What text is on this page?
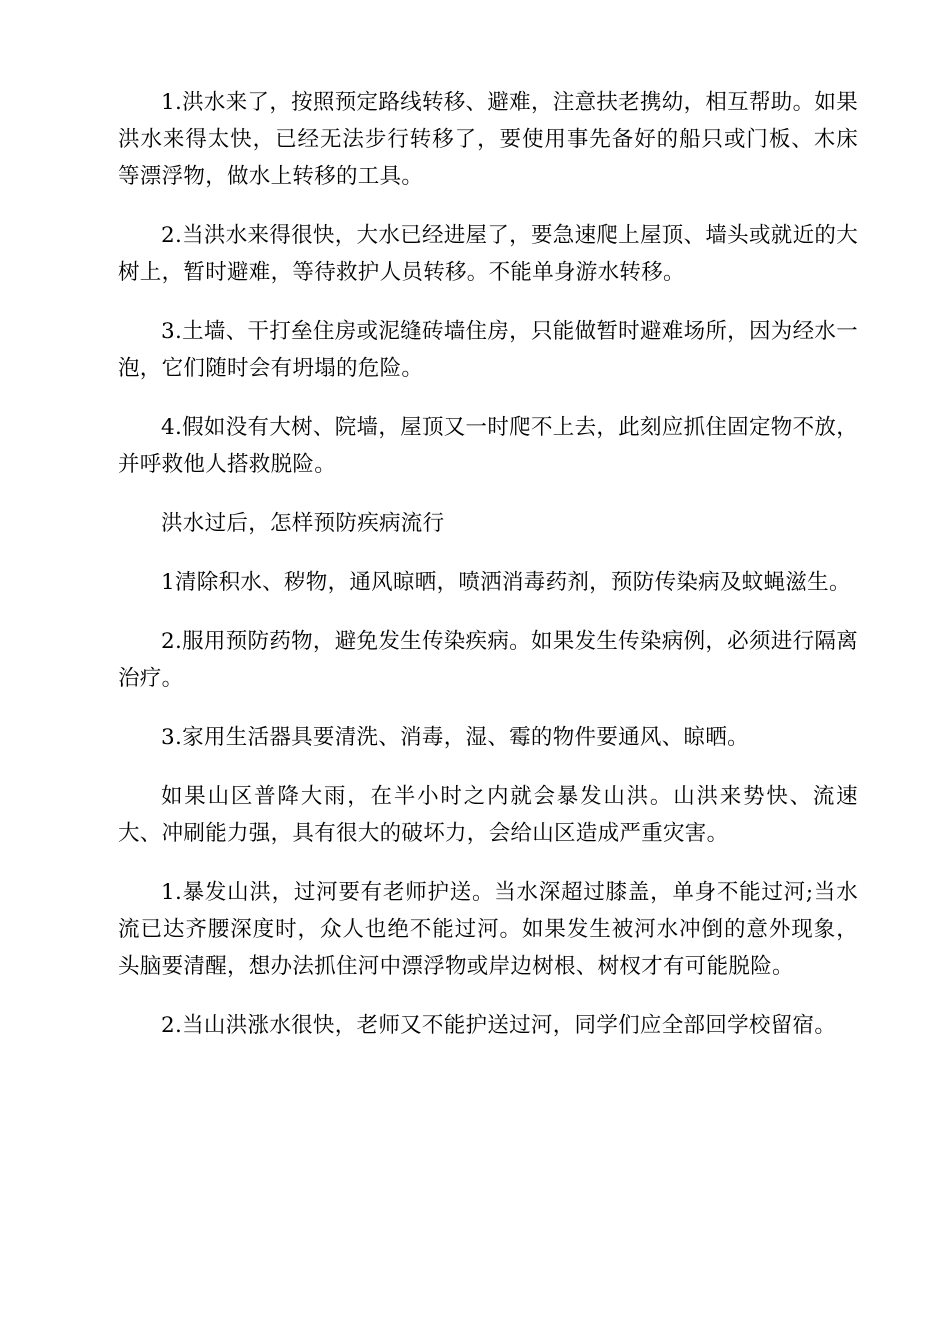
1.洪水来了，按照预定路线转移、避难，注意扶老携幼，相互帮助。如果洪水来得太快，已经无法步行转移了，要使用事先备好的船只或门板、木床等漂浮物，做水上转移的工具。

2.当洪水来得很快，大水已经进屋了，要急速爬上屋顶、墙头或就近的大树上，暂时避难，等待救护人员转移。不能单身游水转移。

3.土墙、干打垒住房或泥缝砖墙住房，只能做暂时避难场所，因为经水一泡，它们随时会有坍塌的危险。

4.假如没有大树、院墙，屋顶又一时爬不上去，此刻应抓住固定物不放，并呼救他人搭救脱险。

洪水过后，怎样预防疾病流行

1清除积水、秽物，通风晾晒，喷洒消毒药剂，预防传染病及蚊蝇滋生。

2.服用预防药物，避免发生传染疾病。如果发生传染病例，必须进行隔离治疗。

3.家用生活器具要清洗、消毒，湿、霉的物件要通风、晾晒。

如果山区普降大雨，在半小时之内就会暴发山洪。山洪来势快、流速大、冲刷能力强，具有很大的破坏力，会给山区造成严重灾害。

1.暴发山洪，过河要有老师护送。当水深超过膝盖，单身不能过河;当水流已达齐腰深度时，众人也绝不能过河。如果发生被河水冲倒的意外现象，头脑要清醒，想办法抓住河中漂浮物或岸边树根、树杈才有可能脱险。

2.当山洪涨水很快，老师又不能护送过河，同学们应全部回学校留宿。
